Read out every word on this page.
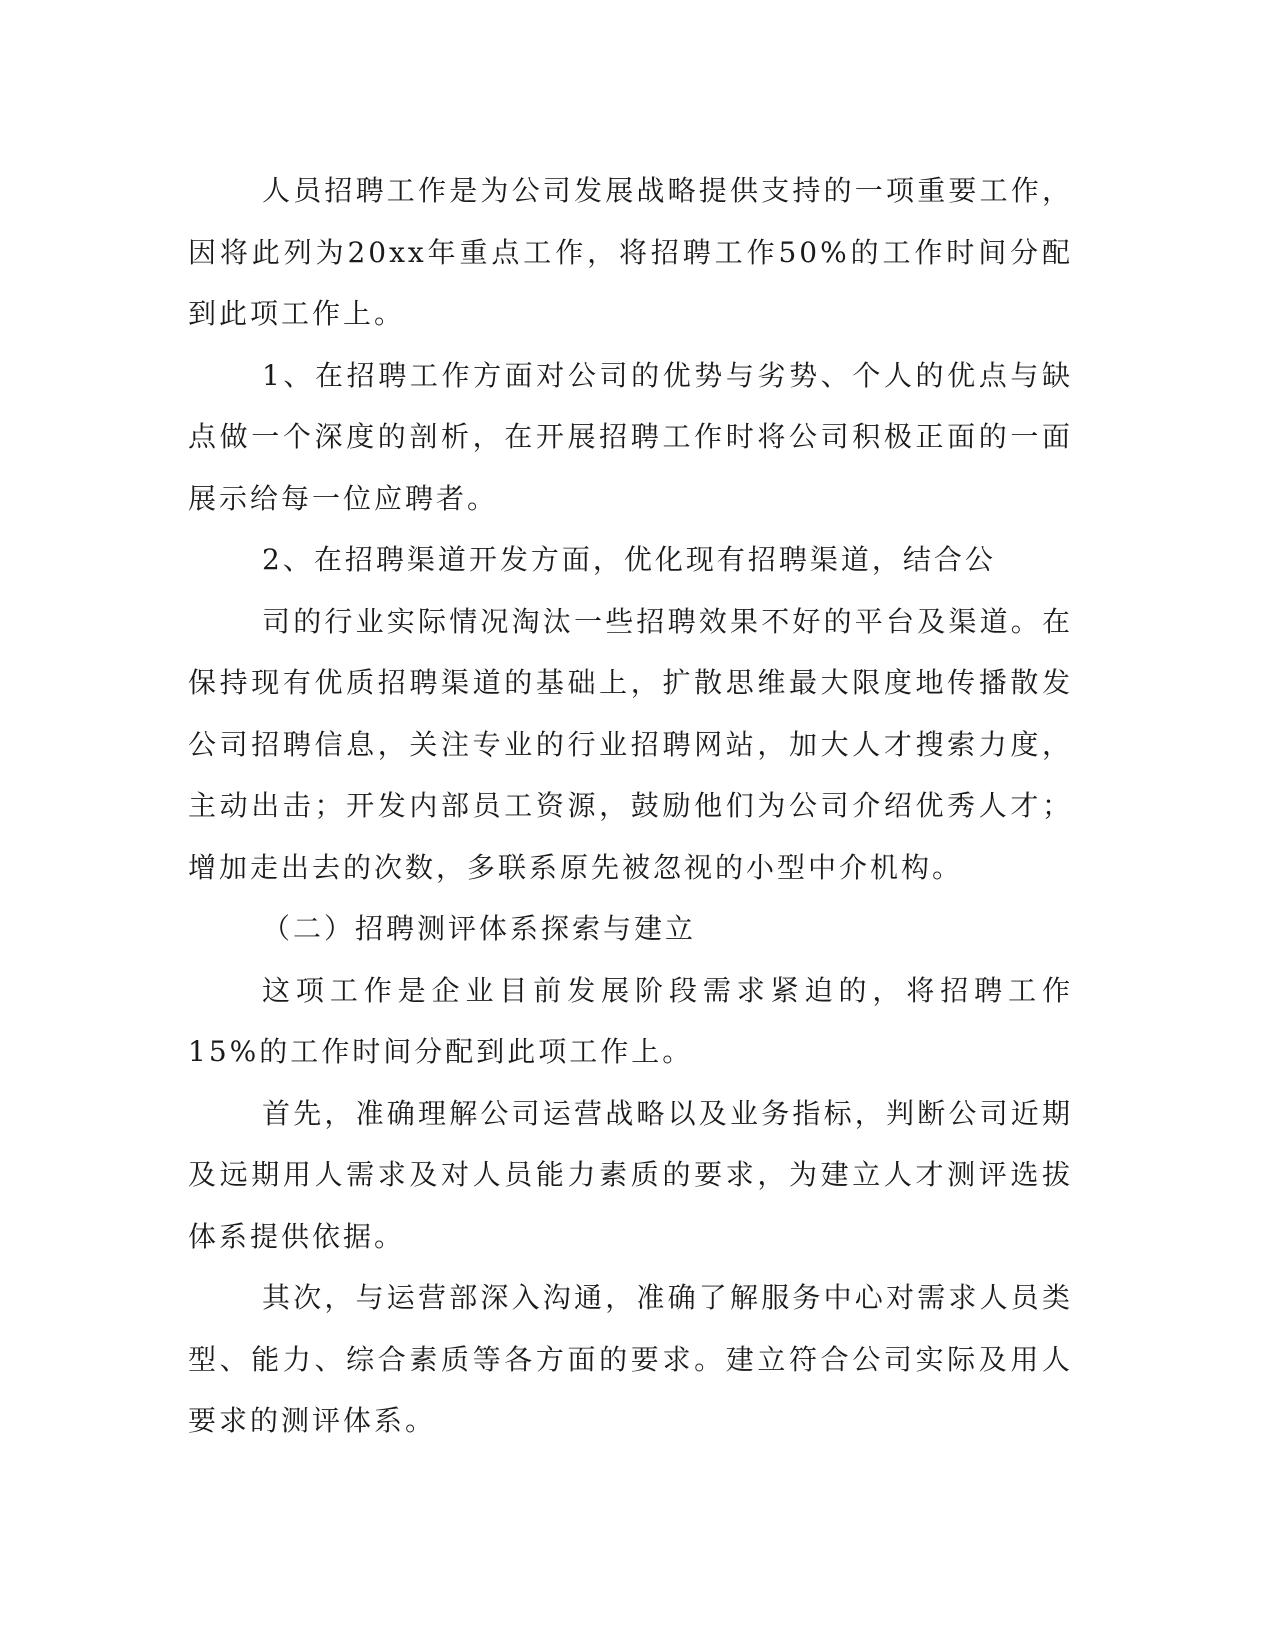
人员招聘工作是为公司发展战略提供支持的一项重要工作，因将此列为20xx年重点工作，将招聘工作50%的工作时间分配到此项工作上。

1、在招聘工作方面对公司的优势与劣势、个人的优点与缺点做一个深度的剖析，在开展招聘工作时将公司积极正面的一面展示给每一位应聘者。

2、在招聘渠道开发方面，优化现有招聘渠道，结合公

司的行业实际情况淘汰一些招聘效果不好的平台及渠道。在保持现有优质招聘渠道的基础上，扩散思维最大限度地传播散发公司招聘信息，关注专业的行业招聘网站，加大人才搜索力度，主动出击；开发内部员工资源，鼓励他们为公司介绍优秀人才；增加走出去的次数，多联系原先被忽视的小型中介机构。

（二）招聘测评体系探索与建立

这项工作是企业目前发展阶段需求紧迫的，将招聘工作15%的工作时间分配到此项工作上。

首先，准确理解公司运营战略以及业务指标，判断公司近期及远期用人需求及对人员能力素质的要求，为建立人才测评选拔体系提供依据。

其次，与运营部深入沟通，准确了解服务中心对需求人员类型、能力、综合素质等各方面的要求。建立符合公司实际及用人要求的测评体系。
